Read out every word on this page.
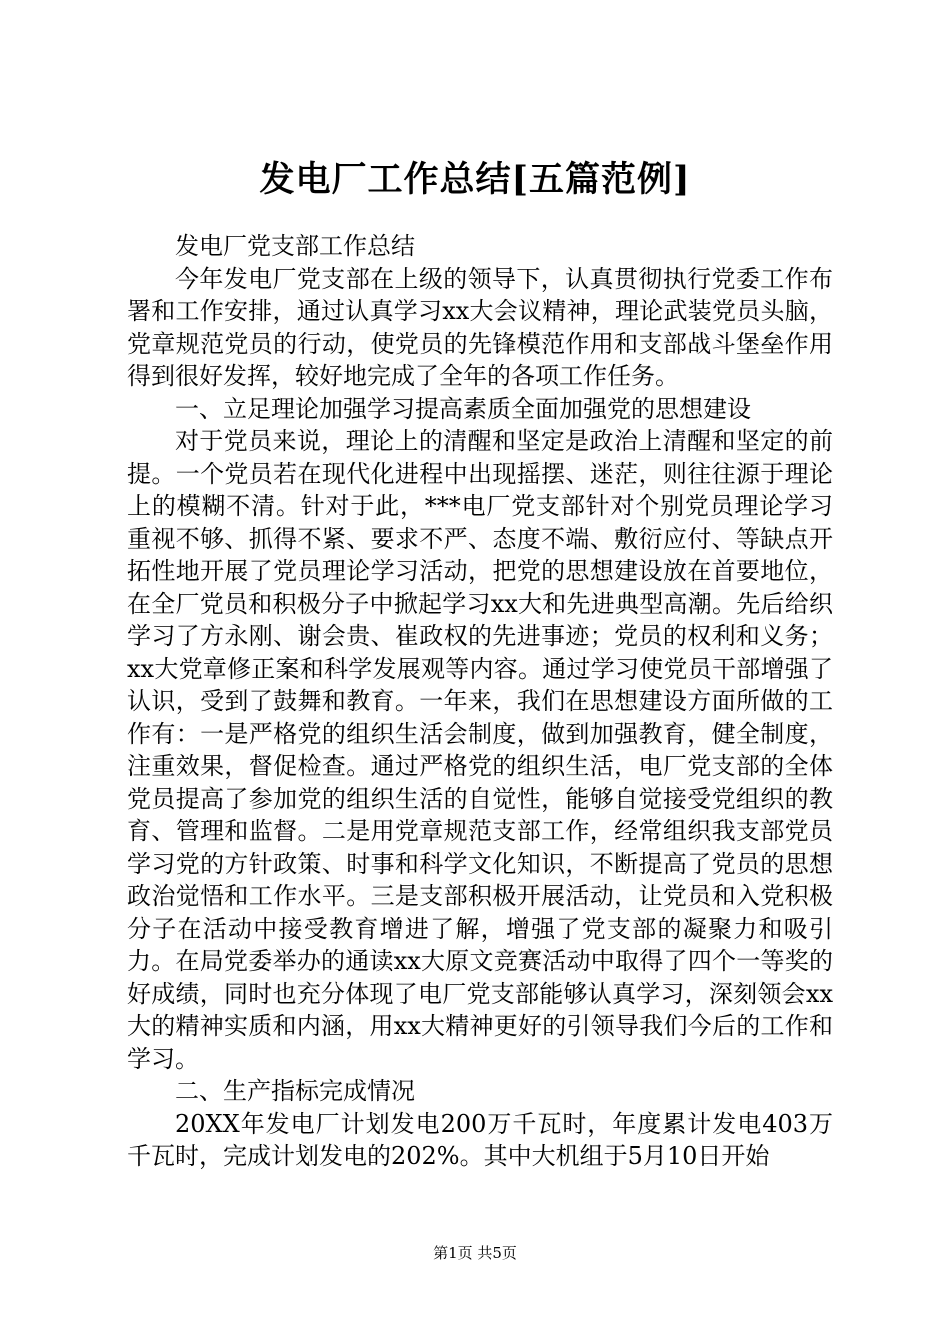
发电厂工作总结[五篇范例]

发电厂党支部工作总结

今年发电厂党支部在上级的领导下，认真贯彻执行党委工作布署和工作安排，通过认真学习xx大会议精神，理论武装党员头脑，党章规范党员的行动，使党员的先锋模范作用和支部战斗堡垒作用得到很好发挥，较好地完成了全年的各项工作任务。

一、立足理论加强学习提高素质全面加强党的思想建设

对于党员来说，理论上的清醒和坚定是政治上清醒和坚定的前提。一个党员若在现代化进程中出现摇摆、迷茫，则往往源于理论上的模糊不清。针对于此，***电厂党支部针对个别党员理论学习重视不够、抓得不紧、要求不严、态度不端、敷衍应付、等缺点开拓性地开展了党员理论学习活动，把党的思想建设放在首要地位，在全厂党员和积极分子中掀起学习xx大和先进典型高潮。先后给织学习了方永刚、谢会贵、崔政权的先进事迹；党员的权利和义务；xx大党章修正案和科学发展观等内容。通过学习使党员干部增强了认识，受到了鼓舞和教育。一年来，我们在思想建设方面所做的工作有：一是严格党的组织生活会制度，做到加强教育，健全制度，注重效果，督促检查。通过严格党的组织生活，电厂党支部的全体党员提高了参加党的组织生活的自觉性，能够自觉接受党组织的教育、管理和监督。二是用党章规范支部工作，经常组织我支部党员学习党的方针政策、时事和科学文化知识，不断提高了党员的思想政治觉悟和工作水平。三是支部积极开展活动，让党员和入党积极分子在活动中接受教育增进了解，增强了党支部的凝聚力和吸引力。在局党委举办的通读xx大原文竞赛活动中取得了四个一等奖的好成绩，同时也充分体现了电厂党支部能够认真学习，深刻领会xx大的精神实质和内涵，用xx大精神更好的引领导我们今后的工作和学习。

二、生产指标完成情况

20XX年发电厂计划发电200万千瓦时，年度累计发电403万千瓦时，完成计划发电的202%。其中大机组于5月10日开始

第1页 共5页
